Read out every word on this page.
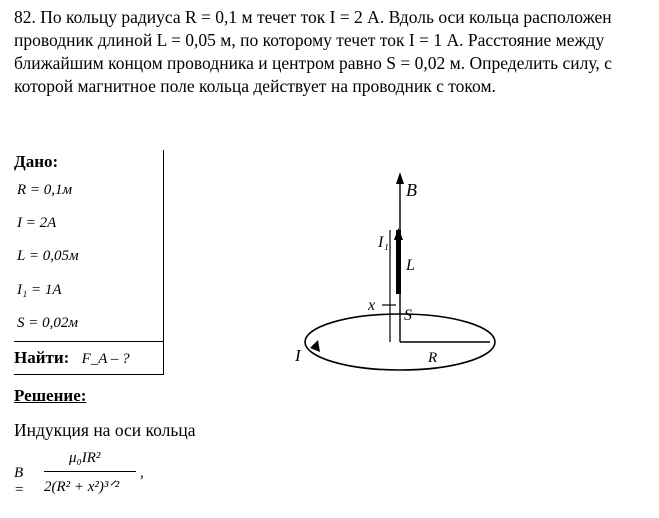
82. По кольцу радиуса R = 0,1 м течет ток I = 2 А. Вдоль оси кольца расположен проводник длиной L = 0,05 м, по которому течет ток I = 1 А. Расстояние между ближайшим концом проводника и центром равно S = 0,02 м. Определить силу, с которой магнитное поле кольца действует на проводник с током.

Дано:
R = 0,1м
I = 2A
L = 0,05м
I₁ = 1A
S = 0,02м
Найти: F_A – ?
Решение:
Индукция на оси кольца
B =
μ₀IR²
2(R² + x²)³ᐟ²
,
B
I₁
L
x
S
I	R
